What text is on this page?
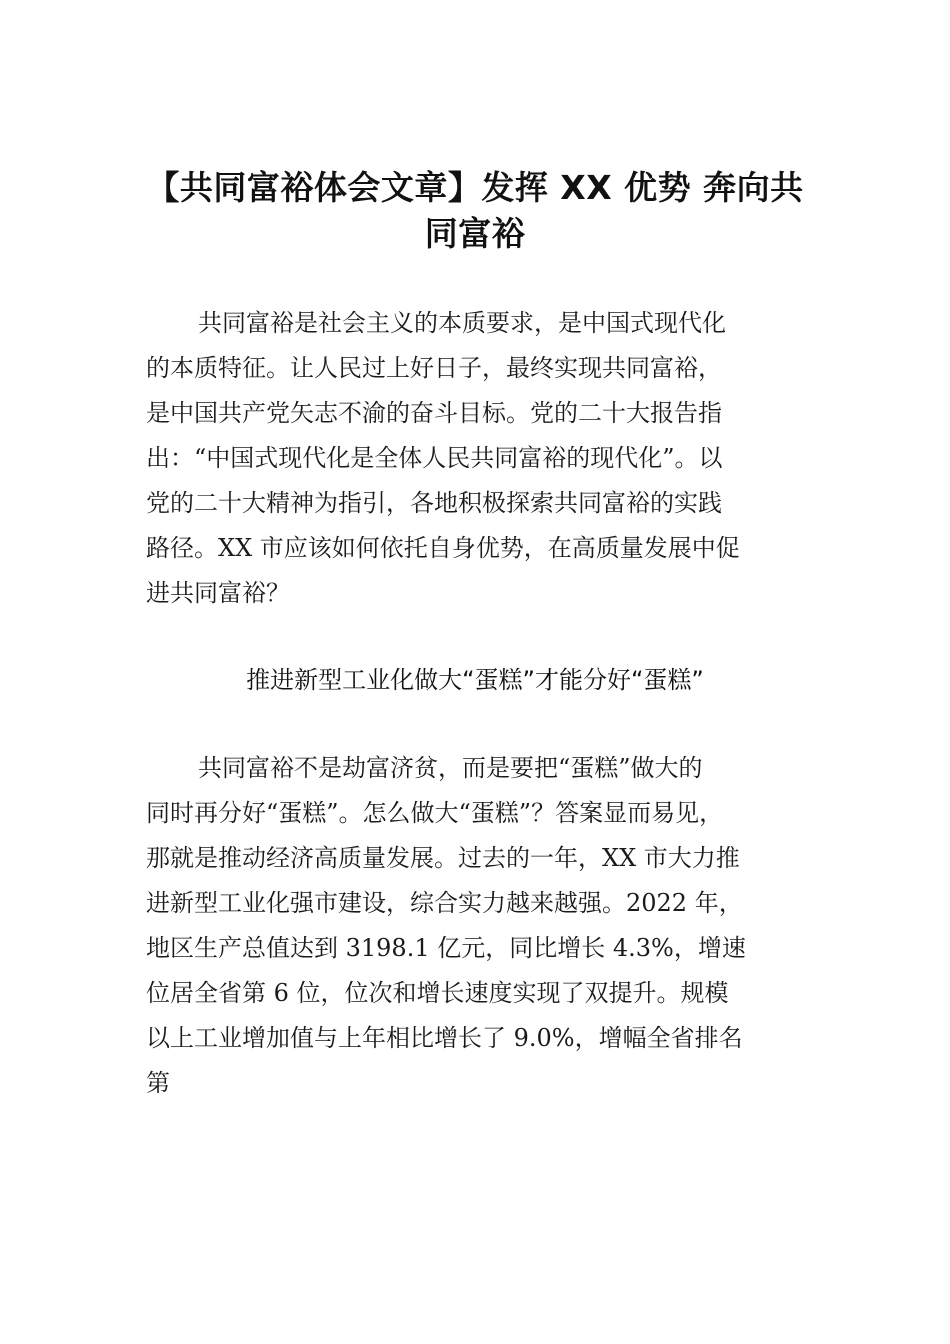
【共同富裕体会文章】发挥 XX 优势 奔向共
同富裕
共同富裕是社会主义的本质要求，是中国式现代化
的本质特征。让人民过上好日子，最终实现共同富裕，
是中国共产党矢志不渝的奋斗目标。党的二十大报告指
出：“中国式现代化是全体人民共同富裕的现代化”。以
党的二十大精神为指引，各地积极探索共同富裕的实践
路径。XX 市应该如何依托自身优势，在高质量发展中促
进共同富裕？
推进新型工业化做大“蛋糕”才能分好“蛋糕”
共同富裕不是劫富济贫，而是要把“蛋糕”做大的
同时再分好“蛋糕”。怎么做大“蛋糕”？答案显而易见，
那就是推动经济高质量发展。过去的一年，XX 市大力推
进新型工业化强市建设，综合实力越来越强。2022 年，
地区生产总值达到 3198.1 亿元，同比增长 4.3%，增速
位居全省第 6 位，位次和增长速度实现了双提升。规模
以上工业增加值与上年相比增长了 9.0%，增幅全省排名
第
